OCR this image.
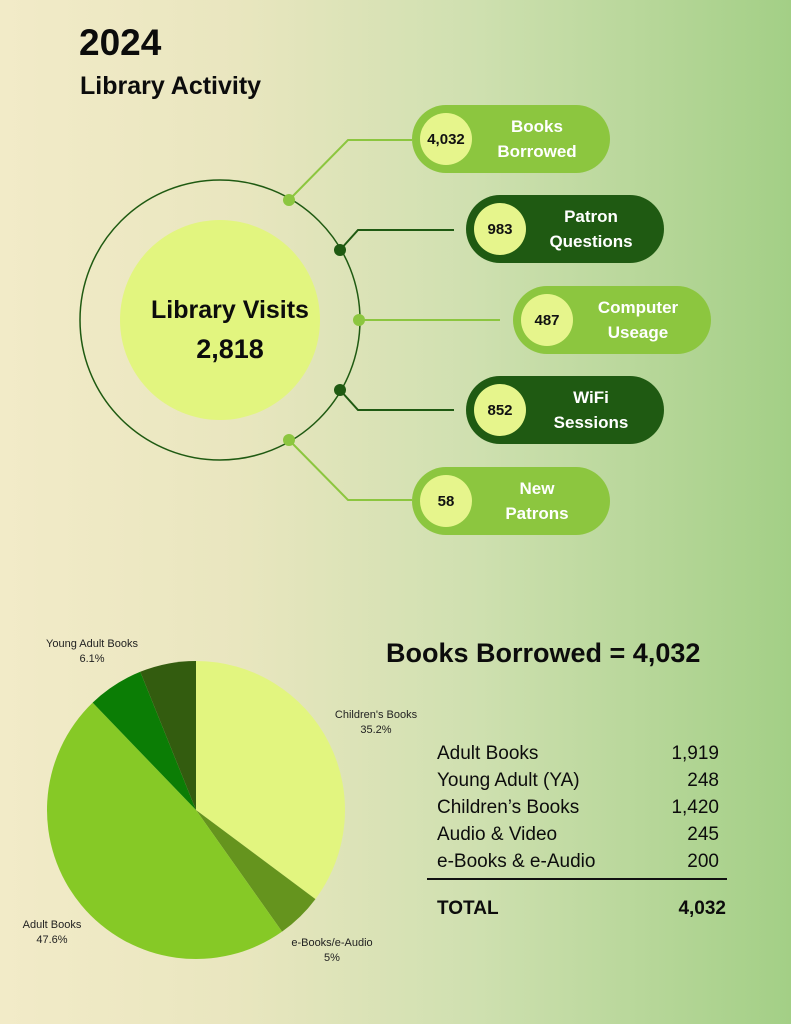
2024
Library Activity
Library Visits
2,818
4,032
Books
Borrowed
983
Patron
Questions
487
Computer
Useage
852
WiFi
Sessions
58
New
Patrons
Children's Books
35.2%
e-Books/e-Audio
5%
Adult Books
47.6%
Young Adult Books
6.1%	Books Borrowed = 4,032
Adult Books	1,919
Young Adult (YA)	248
Children’s Books	1,420
Audio & Video	245
e-Books & e-Audio	200
TOTAL	4,032
